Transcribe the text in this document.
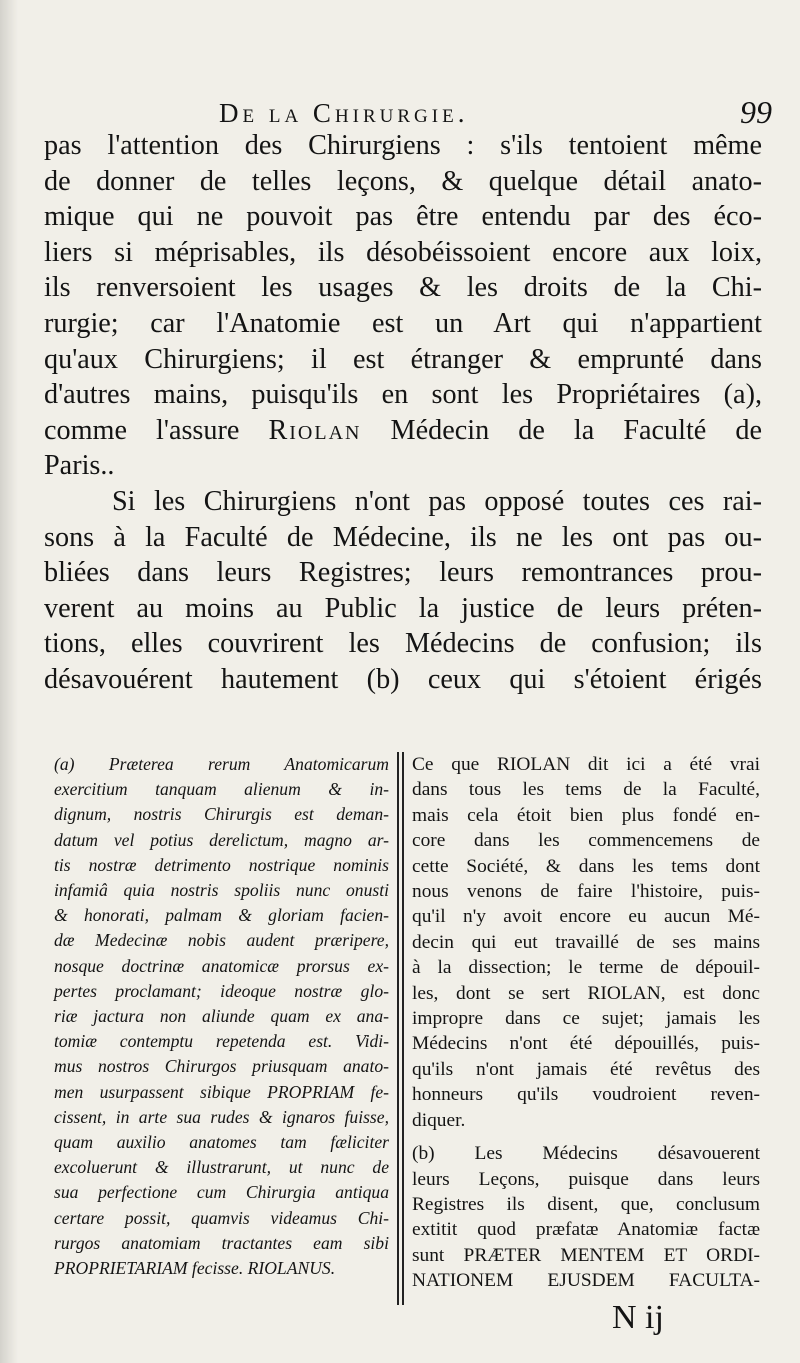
De la Chirurgie.	99

pas l'attention des Chirurgiens : s'ils tentoient même

de donner de telles leçons, & quelque détail anato-

mique qui ne pouvoit pas être entendu par des éco-

liers si méprisables, ils désobéissoient encore aux loix,

ils renversoient les usages & les droits de la Chi-

rurgie; car l'Anatomie est un Art qui n'appartient

qu'aux Chirurgiens; il est étranger & emprunté dans

d'autres mains, puisqu'ils en sont les Propriétaires (a),

comme l'assure Riolan Médecin de la Faculté de

Paris..

Si les Chirurgiens n'ont pas opposé toutes ces rai-

sons à la Faculté de Médecine, ils ne les ont pas ou-

bliées dans leurs Registres; leurs remontrances prou-

verent au moins au Public la justice de leurs préten-

tions, elles couvrirent les Médecins de confusion; ils

désavouérent hautement (b) ceux qui s'étoient érigés

(a) Præterea rerum Anatomicarum

exercitium tanquam alienum & in-

dignum, nostris Chirurgis est deman-

datum vel potius derelictum, magno ar-

tis nostræ detrimento nostrique nominis

infamiâ quia nostris spoliis nunc onusti

& honorati, palmam & gloriam facien-

dæ Medecinæ nobis audent præripere,

nosque doctrinæ anatomicæ prorsus ex-

pertes proclamant; ideoque nostræ glo-

riæ jactura non aliunde quam ex ana-

tomiæ contemptu repetenda est. Vidi-

mus nostros Chirurgos priusquam anato-

men usurpassent sibique PROPRIAM fe-

cissent, in arte sua rudes & ignaros fuisse,

quam auxilio anatomes tam fæliciter

excoluerunt & illustrarunt, ut nunc de

sua perfectione cum Chirurgia antiqua

certare possit, quamvis videamus Chi-

rurgos anatomiam tractantes eam sibi

PROPRIETARIAM fecisse. RIOLANUS.

Ce que RIOLAN dit ici a été vrai

dans tous les tems de la Faculté,

mais cela étoit bien plus fondé en-

core dans les commencemens de

cette Société, & dans les tems dont

nous venons de faire l'histoire, puis-

qu'il n'y avoit encore eu aucun Mé-

decin qui eut travaillé de ses mains

à la dissection; le terme de dépouil-

les, dont se sert RIOLAN, est donc

impropre dans ce sujet; jamais les

Médecins n'ont été dépouillés, puis-

qu'ils n'ont jamais été revêtus des

honneurs qu'ils voudroient reven-

diquer.

(b) Les Médecins désavouerent

leurs Leçons, puisque dans leurs

Registres ils disent, que, conclusum

extitit quod præfatæ Anatomiæ factæ

sunt PRÆTER MENTEM ET ORDI-

NATIONEM EJUSDEM FACULTA-

N ij
